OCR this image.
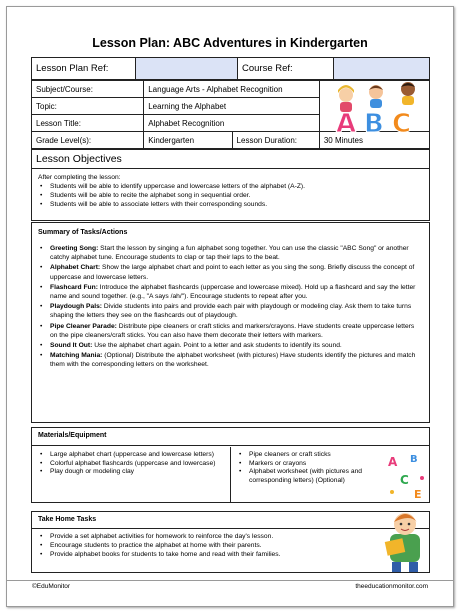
Lesson Plan: ABC Adventures in Kindergarten
Lesson Plan Ref:		Course Ref:	
Subject/Course:	Language Arts - Alphabet Recognition		
Topic:	Learning the Alphabet		
Lesson Title:	Alphabet Recognition		
Grade Level(s):	Kindergarten	Lesson Duration:	30 Minutes
A B C
Lesson Objectives
After completing the lesson:
• Students will be able to identify uppercase and lowercase letters of the alphabet (A-Z).
• Students will be able to recite the alphabet song in sequential order.
• Students will be able to associate letters with their corresponding sounds.
Summary of Tasks/Actions
• Greeting Song: Start the lesson by singing a fun alphabet song together. You can use the classic "ABC Song" or another catchy alphabet tune. Encourage students to clap or tap their laps to the beat.
• Alphabet Chart: Show the large alphabet chart and point to each letter as you sing the song. Briefly discuss the concept of uppercase and lowercase letters.
• Flashcard Fun: Introduce the alphabet flashcards (uppercase and lowercase mixed). Hold up a flashcard and say the letter name and sound together. (e.g., "A says /ah/"). Encourage students to repeat after you.
• Playdough Pals: Divide students into pairs and provide each pair with playdough or modeling clay. Ask them to take turns shaping the letters they see on the flashcards out of playdough.
• Pipe Cleaner Parade: Distribute pipe cleaners or craft sticks and markers/crayons. Have students create uppercase letters on the pipe cleaners/craft sticks. You can also have them decorate their letters with markers.
• Sound It Out: Use the alphabet chart again. Point to a letter and ask students to identify its sound.
• Matching Mania: (Optional) Distribute the alphabet worksheet (with pictures) Have students identify the pictures and match them with the corresponding letters on the worksheet.
Materials/Equipment
• Large alphabet chart (uppercase and lowercase letters)
• Colorful alphabet flashcards (uppercase and lowercase)
• Play dough or modeling clay
• Pipe cleaners or craft sticks
• Markers or crayons
• Alphabet worksheet (with pictures and corresponding letters) (Optional)
A B
C
E
Take Home Tasks
• Provide a set alphabet activities for homework to reinforce the day's lesson.
• Encourage students to practice the alphabet at home with their parents.
• Provide alphabet books for students to take home and read with their families.
©EduMonitor	theeducationmonitor.com
